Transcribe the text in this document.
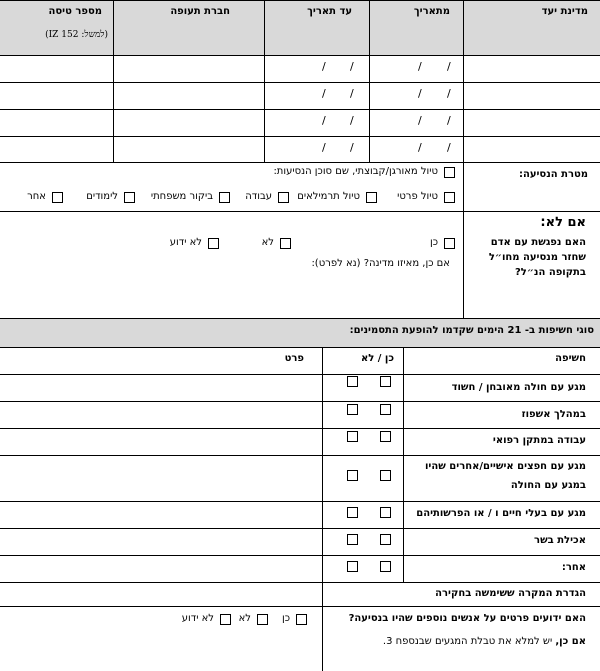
מדינת יעד
מתאריך
עד תאריך
חברת תעופה
מספר טיסה
(למשל: IZ 152)
/
/
/
/
/
/
/
/
/
/
/
/
/
/
/
/
מטרת הנסיעה:
טיול מאורגן/קבוצתי, שם סוכן הנסיעות:
טיול פרטי
טיול תרמילאים
עבודה
ביקור משפחתי
לימודים
אחר
אם לא:
האם נפגשת עם אדם
שחזר מנסיעה מחו״ל
בתקופה הנ״ל?
כן
לא
לא ידוע
אם כן, מאיזו מדינה? (נא לפרט):
סוגי חשיפות ב- 21 הימים שקדמו להופעת התסמינים:
חשיפה
כן / לא
פרט
מגע עם חולה מאובחן / חשוד
במהלך אשפוז
עבודה במתקן רפואי
מגע עם חפצים אישיים/אחרים שהיו
במגע עם החולה
מגע עם בעלי חיים ו / או הפרשותיהם
אכילת בשר
אחר:
הגדרת המקרה ששימשה בחקירה
האם ידועים פרטים על אנשים נוספים שהיו בנסיעה?
כן
לא
לא ידוע
אם כן, יש למלא את טבלת המגעים שבנספח 3.
